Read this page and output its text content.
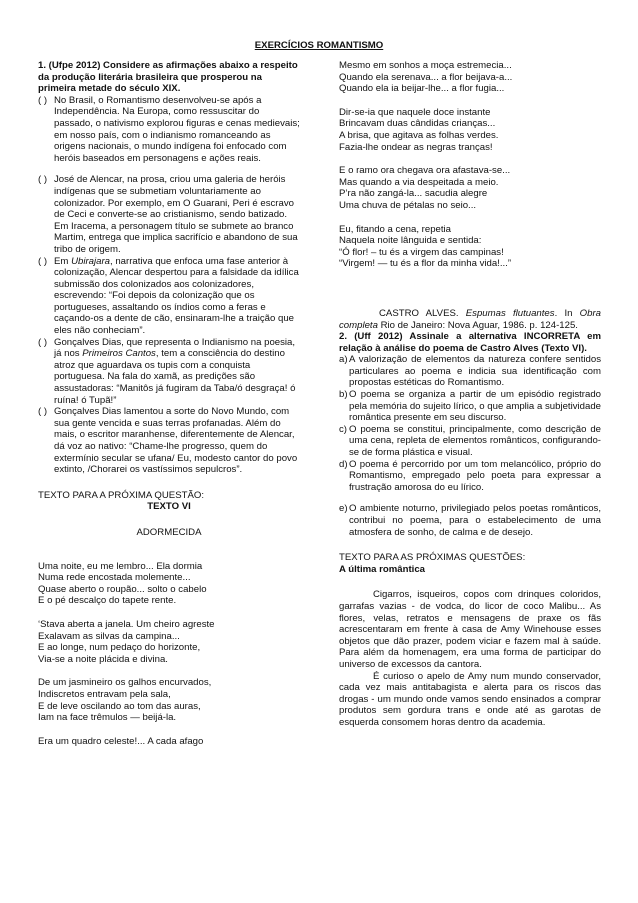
EXERCÍCIOS ROMANTISMO

1. (Ufpe 2012) Considere as afirmações abaixo a respeito da produção literária brasileira que prosperou na

primeira metade do século XIX.

( ) No Brasil, o Romantismo desenvolveu-se após a Independência. Na Europa, como ressuscitar do passado, o nativismo explorou figuras e cenas medievais; em nosso país, com o indianismo romanceando as origens nacionais, o mundo indígena foi enfocado com heróis baseados em personagens e ações reais.

( ) José de Alencar, na prosa, criou uma galeria de heróis indígenas que se submetiam voluntariamente ao colonizador. Por exemplo, em O Guarani, Peri é escravo de Ceci e converte-se ao cristianismo, sendo batizado. Em Iracema, a personagem título se submete ao branco Martim, entrega que implica sacrifício e abandono de sua tribo de origem.

( ) Em Ubirajara, narrativa que enfoca uma fase anterior à colonização, Alencar despertou para a falsidade da idílica submissão dos colonizados aos colonizadores, escrevendo: “Foi depois da colonização que os portugueses, assaltando os índios como a feras e caçando-os a dente de cão, ensinaram-lhe a traição que eles não conheciam”.

( ) Gonçalves Dias, que representa o Indianismo na poesia, já nos Primeiros Cantos, tem a consciência do destino atroz que aguardava os tupis com a conquista portuguesa. Na fala do xamã, as predições são assustadoras: “Manitôs já fugiram da Taba/ó desgraça! ó ruína! ó Tupã!”

( ) Gonçalves Dias lamentou a sorte do Novo Mundo, com sua gente vencida e suas terras profanadas. Além do mais, o escritor maranhense, diferentemente de Alencar, dá voz ao nativo: “Chame-lhe progresso, quem do extermínio secular se ufana/ Eu, modesto cantor do povo extinto, /Chorarei os vastíssimos sepulcros”.

TEXTO PARA A PRÓXIMA QUESTÃO:

TEXTO VI

ADORMECIDA

Uma noite, eu me lembro... Ela dormia

Numa rede encostada molemente...

Quase aberto o roupão... solto o cabelo

E o pé descalço do tapete rente.

‘Stava aberta a janela. Um cheiro agreste

Exalavam as silvas da campina...

E ao longe, num pedaço do horizonte,

Via-se a noite plácida e divina.

De um jasmineiro os galhos encurvados,

Indiscretos entravam pela sala,

E de leve oscilando ao tom das auras,

Iam na face trêmulos — beijá-la.

Era um quadro celeste!... A cada afago

Mesmo em sonhos a moça estremecia...

Quando ela serenava... a flor beijava-a...

Quando ela ia beijar-lhe... a flor fugia...

Dir-se-ia que naquele doce instante

Brincavam duas cândidas crianças...

A brisa, que agitava as folhas verdes.

Fazia-lhe ondear as negras tranças!

E o ramo ora chegava ora afastava-se...

Mas quando a via despeitada a meio.

P’ra não zangá-la... sacudia alegre

Uma chuva de pétalas no seio...

Eu, fitando a cena, repetia

Naquela noite lânguida e sentida:

“Ó flor! – tu és a virgem das campinas!

“Virgem! — tu és a flor da minha vida!...”

CASTRO ALVES. Espumas flutuantes. In Obra completa Rio de Janeiro: Nova Aguar, 1986. p. 124-125.

2. (Uff 2012) Assinale a alternativa INCORRETA em relação à análise do poema de Castro Alves (Texto VI).

a) A valorização de elementos da natureza confere sentidos particulares ao poema e indicia sua identificação com propostas estéticas do Romantismo.
b) O poema se organiza a partir de um episódio registrado pela memória do sujeito lírico, o que amplia a subjetividade romântica presente em seu discurso.
c) O poema se constitui, principalmente, como descrição de uma cena, repleta de elementos românticos, configurando-se de forma plástica e visual.
d) O poema é percorrido por um tom melancólico, próprio do Romantismo, empregado pelo poeta para expressar a frustração amorosa do eu lírico.
e) O ambiente noturno, privilegiado pelos poetas românticos, contribui no poema, para o estabelecimento de uma atmosfera de sonho, de calma e de desejo.

TEXTO PARA AS PRÓXIMAS QUESTÕES:

A última romântica

Cigarros, isqueiros, copos com drinques coloridos, garrafas vazias - de vodca, do licor de coco Malibu... As flores, velas, retratos e mensagens de praxe os fãs acrescentaram em frente à casa de Amy Winehouse esses objetos que dão prazer, podem viciar e fazem mal à saúde. Para além da homenagem, era uma forma de participar do universo de excessos da cantora.

É curioso o apelo de Amy num mundo conservador, cada vez mais antitabagista e alerta para os riscos das drogas - um mundo onde vamos sendo ensinados a comprar produtos sem gordura trans e onde até as garotas de esquerda consomem horas dentro da academia.
